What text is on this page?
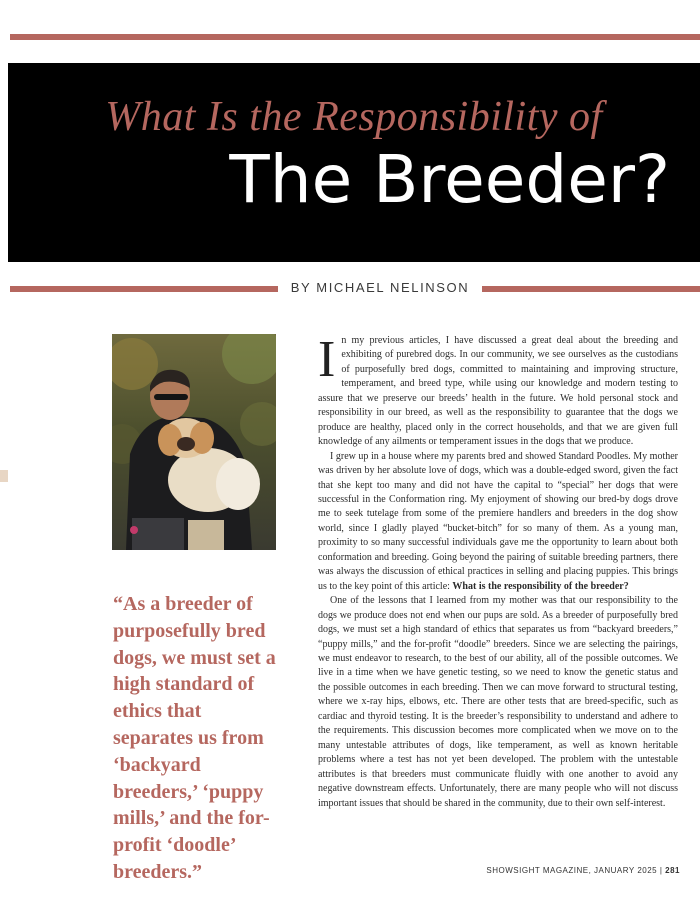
What Is the Responsibility of
The Breeder?
BY MICHAEL NELINSON
“As a breeder of purposefully bred dogs, we must set a high standard of ethics that separates us from ‘backyard breeders,’ ‘puppy mills,’ and the for-profit ‘doodle’ breeders.”

In my previous articles, I have discussed a great deal about the breeding and exhibiting of purebred dogs. In our community, we see ourselves as the custodians of purposefully bred dogs, committed to maintaining and improving structure, temperament, and breed type, while using our knowledge and modern testing to assure that we preserve our breeds’ health in the future. We hold personal stock and responsibility in our breed, as well as the responsibility to guarantee that the dogs we produce are healthy, placed only in the correct households, and that we are given full knowledge of any ailments or temperament issues in the dogs that we produce.

I grew up in a house where my parents bred and showed Standard Poodles. My mother was driven by her absolute love of dogs, which was a double-edged sword, given the fact that she kept too many and did not have the capital to “special” her dogs that were successful in the Conformation ring. My enjoyment of showing our bred-by dogs drove me to seek tutelage from some of the premiere handlers and breeders in the dog show world, since I gladly played “bucket-bitch” for so many of them. As a young man, proximity to so many successful individuals gave me the opportunity to learn about both conformation and breeding. Going beyond the pairing of suitable breeding partners, there was always the discussion of ethical practices in selling and placing puppies. This brings us to the key point of this article: What is the responsibility of the breeder?

One of the lessons that I learned from my mother was that our responsibility to the dogs we produce does not end when our pups are sold. As a breeder of purposefully bred dogs, we must set a high standard of ethics that separates us from “backyard breeders,” “puppy mills,” and the for-profit “doodle” breeders. Since we are selecting the pairings, we must endeavor to research, to the best of our ability, all of the possible outcomes. We live in a time when we have genetic testing, so we need to know the genetic status and the possible outcomes in each breeding. Then we can move forward to structural testing, where we x-ray hips, elbows, etc. There are other tests that are breed-specific, such as cardiac and thyroid testing. It is the breeder’s responsibility to understand and adhere to the requirements. This discussion becomes more complicated when we move on to the many untestable attributes of dogs, like temperament, as well as known heritable problems where a test has not yet been developed. The problem with the untestable attributes is that breeders must communicate fluidly with one another to avoid any negative downstream effects. Unfortunately, there are many people who will not discuss important issues that should be shared in the community, due to their own self-interest.

SHOWSIGHT MAGAZINE, JANUARY 2025 | 281
